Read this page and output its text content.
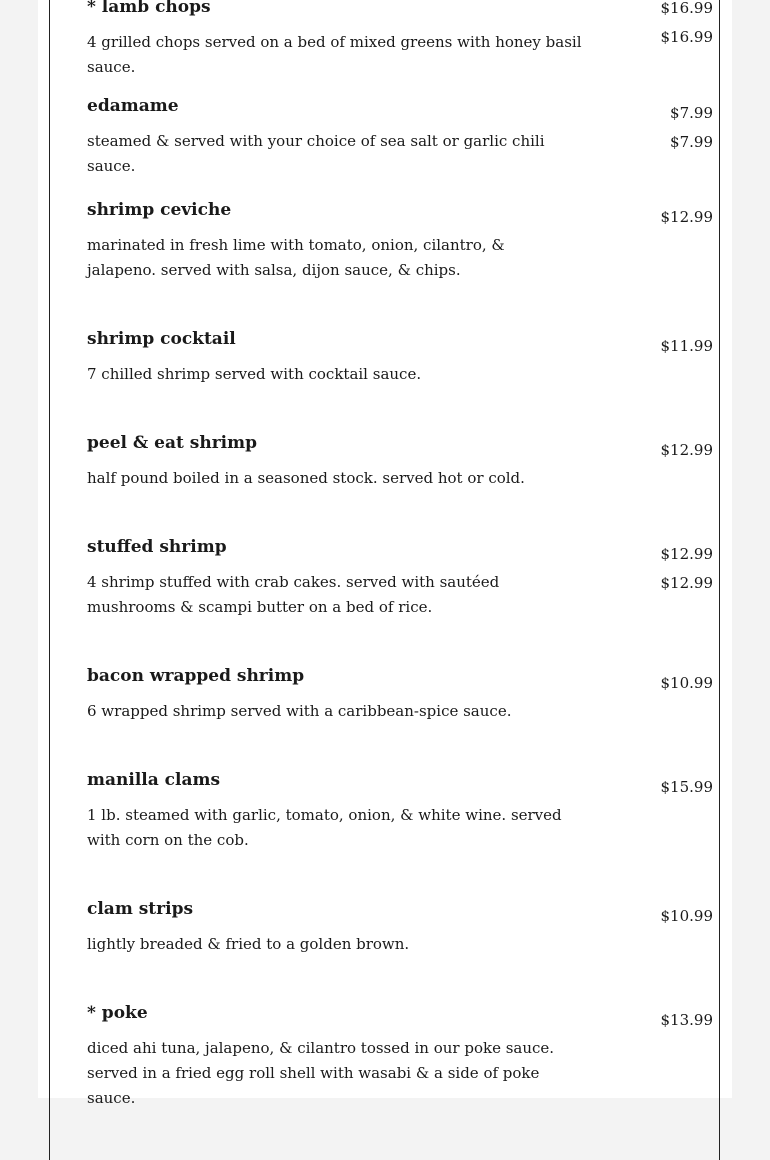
* lamb chops
4 grilled chops served on a bed of mixed greens with honey basil sauce.
$16.99
$16.99
edamame
steamed & served with your choice of sea salt or garlic chili sauce.
$7.99
$7.99
shrimp ceviche
marinated in fresh lime with tomato, onion, cilantro, & jalapeno. served with salsa, dijon sauce, & chips.
$12.99
shrimp cocktail
7 chilled shrimp served with cocktail sauce.
$11.99
peel & eat shrimp
half pound boiled in a seasoned stock. served hot or cold.
$12.99
stuffed shrimp
4 shrimp stuffed with crab cakes. served with sautéed mushrooms & scampi butter on a bed of rice.
$12.99
$12.99
bacon wrapped shrimp
6 wrapped shrimp served with a caribbean-spice sauce.
$10.99
manilla clams
1 lb. steamed with garlic, tomato, onion, & white wine. served with corn on the cob.
$15.99
clam strips
lightly breaded & fried to a golden brown.
$10.99
* poke
diced ahi tuna, jalapeno, & cilantro tossed in our poke sauce. served in a fried egg roll shell with wasabi & a side of poke sauce.
$13.99
